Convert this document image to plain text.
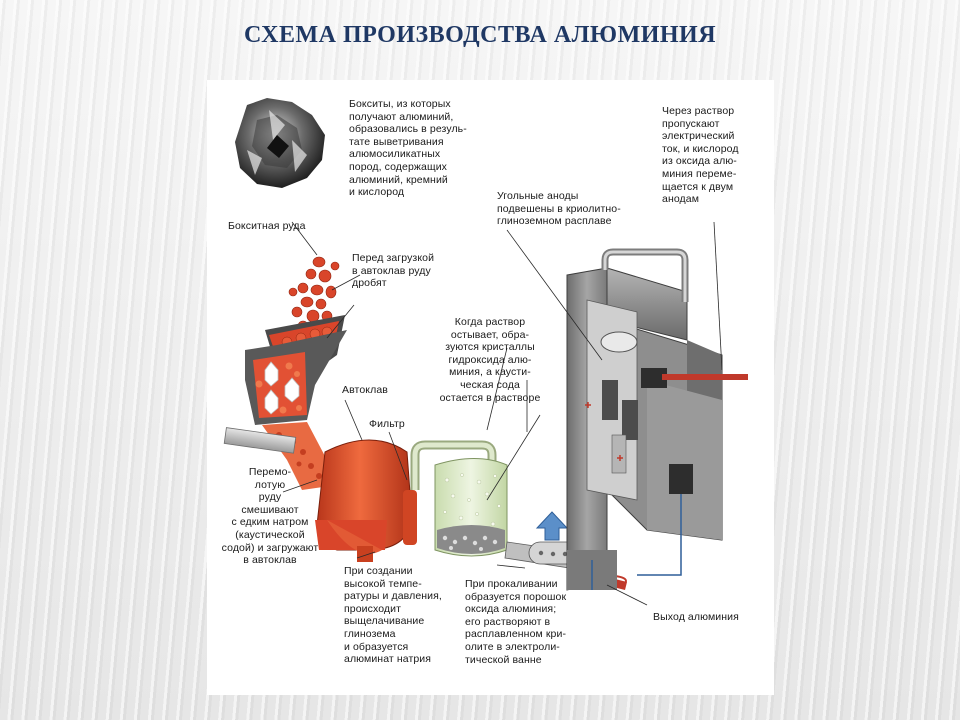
СХЕМА ПРОИЗВОДСТВА АЛЮМИНИЯ
Бокситы, из которых
получают алюминий,
образовались в резуль-
тате выветривания
алюмосиликатных
пород, содержащих
алюминий, кремний
и кислород
Бокситная руда
Перед загрузкой
в автоклав руду
дробят
Автоклав
Фильтр
Когда раствор
остывает, обра-
зуются кристаллы
гидроксида алю-
миния, а каусти-
ческая сода
остается в растворе
Угольные аноды
подвешены в криолитно-
глиноземном расплаве
Через раствор
пропускают
электрический
ток, и кислород
из оксида алю-
миния переме-
щается к двум
анодам
Перемо-
лотую
руду
смешивают
с едким натром
(каустической
содой) и загружают
в автоклав
При создании
высокой темпе-
ратуры и давления,
происходит
выщелачивание
глинозема
и образуется
алюминат натрия
При прокаливании
образуется порошок
оксида алюминия;
его растворяют в
расплавленном кри-
олите в электроли-
тической ванне
Выход алюминия
